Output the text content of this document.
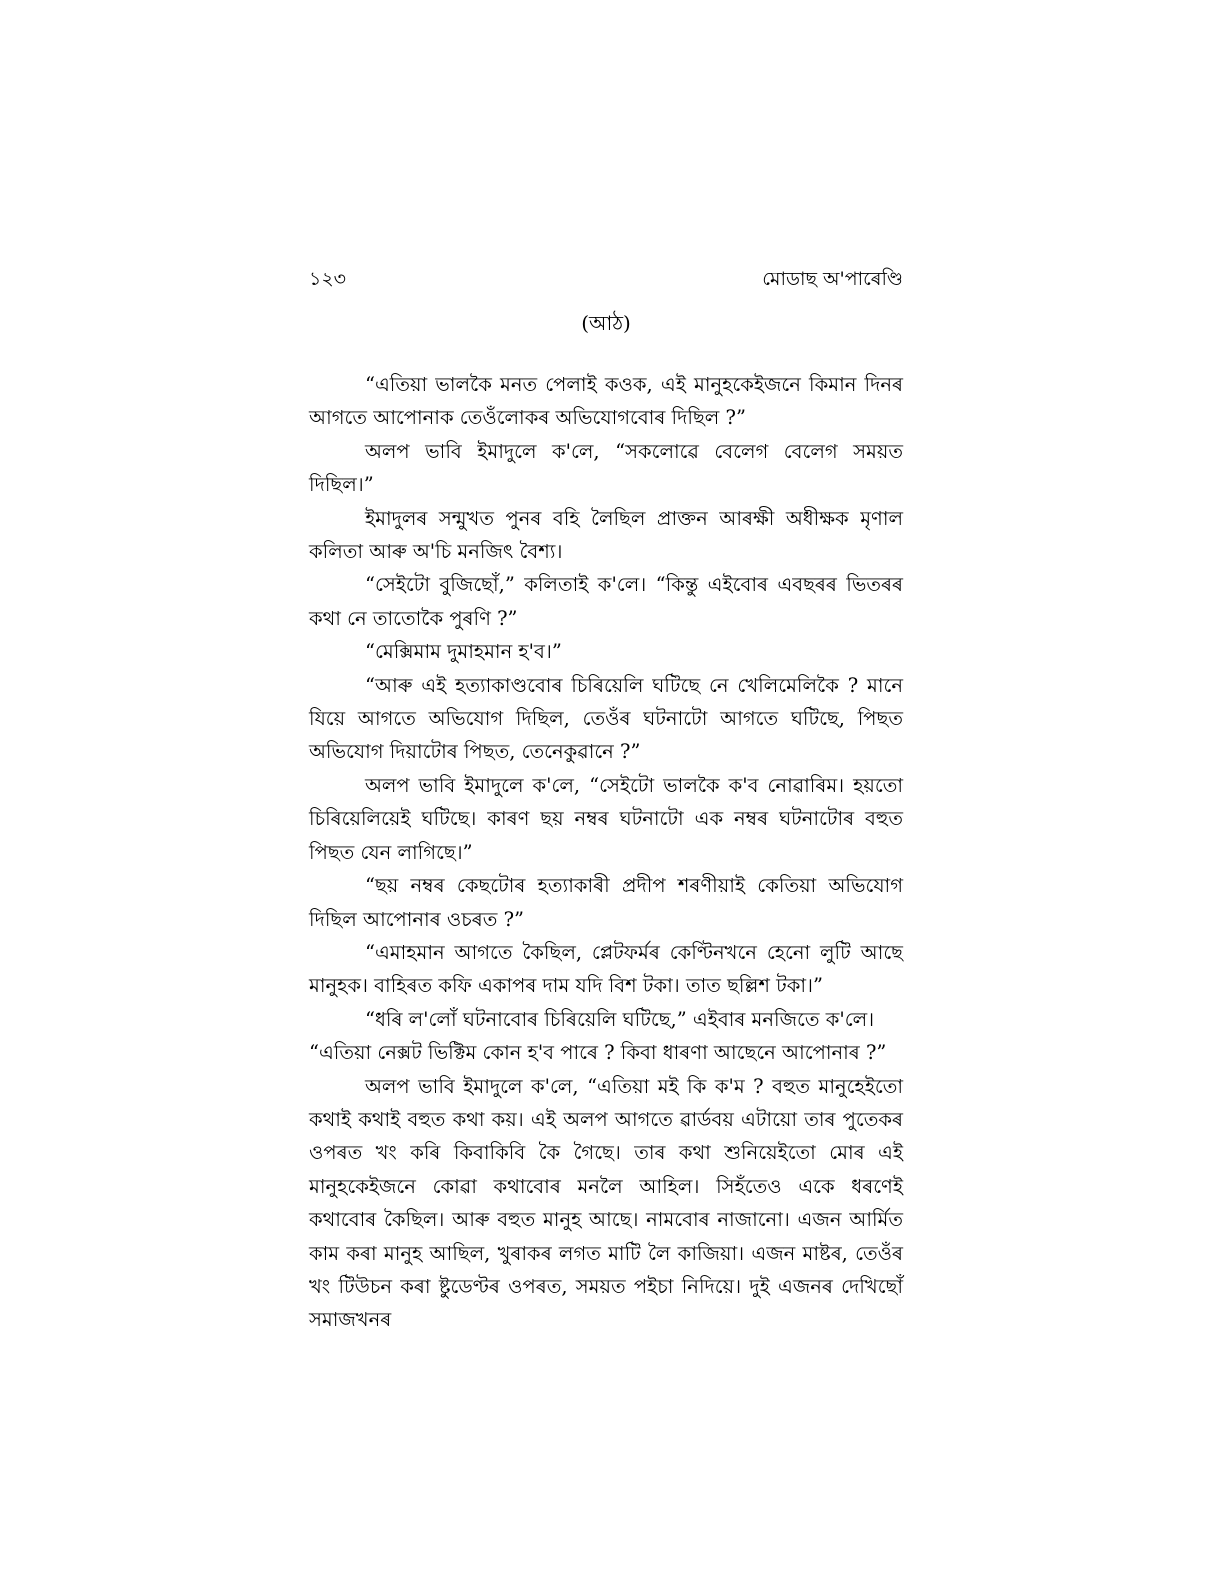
১২৩	মোডাছ অ'পাৰেণ্ডি
(আঠ)

“এতিয়া ভালকৈ মনত পেলাই কওক, এই মানুহকেইজনে কিমান দিনৰ আগতে আপোনাক তেওঁলোকৰ অভিযোগবোৰ দিছিল ?”

অলপ ভাবি ইমাদুলে ক'লে, “সকলোৱে বেলেগ বেলেগ সময়ত দিছিল।”

ইমাদুলৰ সন্মুখত পুনৰ বহি লৈছিল প্ৰাক্তন আৰক্ষী অধীক্ষক মৃণাল কলিতা আৰু অ'চি মনজিৎ বৈশ্য।

“সেইটো বুজিছোঁ,” কলিতাই ক'লে। “কিন্তু এইবোৰ এবছৰৰ ভিতৰৰ কথা নে তাতোকৈ পুৰণি ?”

“মেক্সিমাম দুমাহমান হ'ব।”

“আৰু এই হত্যাকাণ্ডবোৰ চিৰিয়েলি ঘটিছে নে খেলিমেলিকৈ ? মানে যিয়ে আগতে অভিযোগ দিছিল, তেওঁৰ ঘটনাটো আগতে ঘটিছে, পিছত অভিযোগ দিয়াটোৰ পিছত, তেনেকুৱানে ?”

অলপ ভাবি ইমাদুলে ক'লে, “সেইটো ভালকৈ ক'ব নোৱাৰিম। হয়তো চিৰিয়েলিয়েই ঘটিছে। কাৰণ ছয় নম্বৰ ঘটনাটো এক নম্বৰ ঘটনাটোৰ বহুত পিছত যেন লাগিছে।”

“ছয় নম্বৰ কেছটোৰ হত্যাকাৰী প্ৰদীপ শৰণীয়াই কেতিয়া অভিযোগ দিছিল আপোনাৰ ওচৰত ?”

“এমাহমান আগতে কৈছিল, প্লেটফৰ্মৰ কেণ্টিনখনে হেনো লুটি আছে মানুহক। বাহিৰত কফি একাপৰ দাম যদি বিশ টকা। তাত ছল্লিশ টকা।”

“ধৰি ল'লোঁ ঘটনাবোৰ চিৰিয়েলি ঘটিছে,” এইবাৰ মনজিতে ক'লে।

“এতিয়া নেক্সট ভিক্টিম কোন হ'ব পাৰে ? কিবা ধাৰণা আছেনে আপোনাৰ ?”

অলপ ভাবি ইমাদুলে ক'লে, “এতিয়া মই কি ক'ম ? বহুত মানুহেইতো কথাই কথাই বহুত কথা কয়। এই অলপ আগতে ৱাৰ্ডবয় এটায়ো তাৰ পুতেকৰ ওপৰত খং কৰি কিবাকিবি কৈ গৈছে। তাৰ কথা শুনিয়েইতো মোৰ এই মানুহকেইজনে কোৱা কথাবোৰ মনলৈ আহিল। সিহঁতেও একে ধৰণেই কথাবোৰ কৈছিল। আৰু বহুত মানুহ আছে। নামবোৰ নাজানো। এজন আৰ্মিত কাম কৰা মানুহ আছিল, খুৰাকৰ লগত মাটি লৈ কাজিয়া। এজন মাষ্টৰ, তেওঁৰ খং টিউচন কৰা ষ্টুডেণ্টৰ ওপৰত, সময়ত পইচা নিদিয়ে। দুই এজনৰ দেখিছোঁ সমাজখনৰ
